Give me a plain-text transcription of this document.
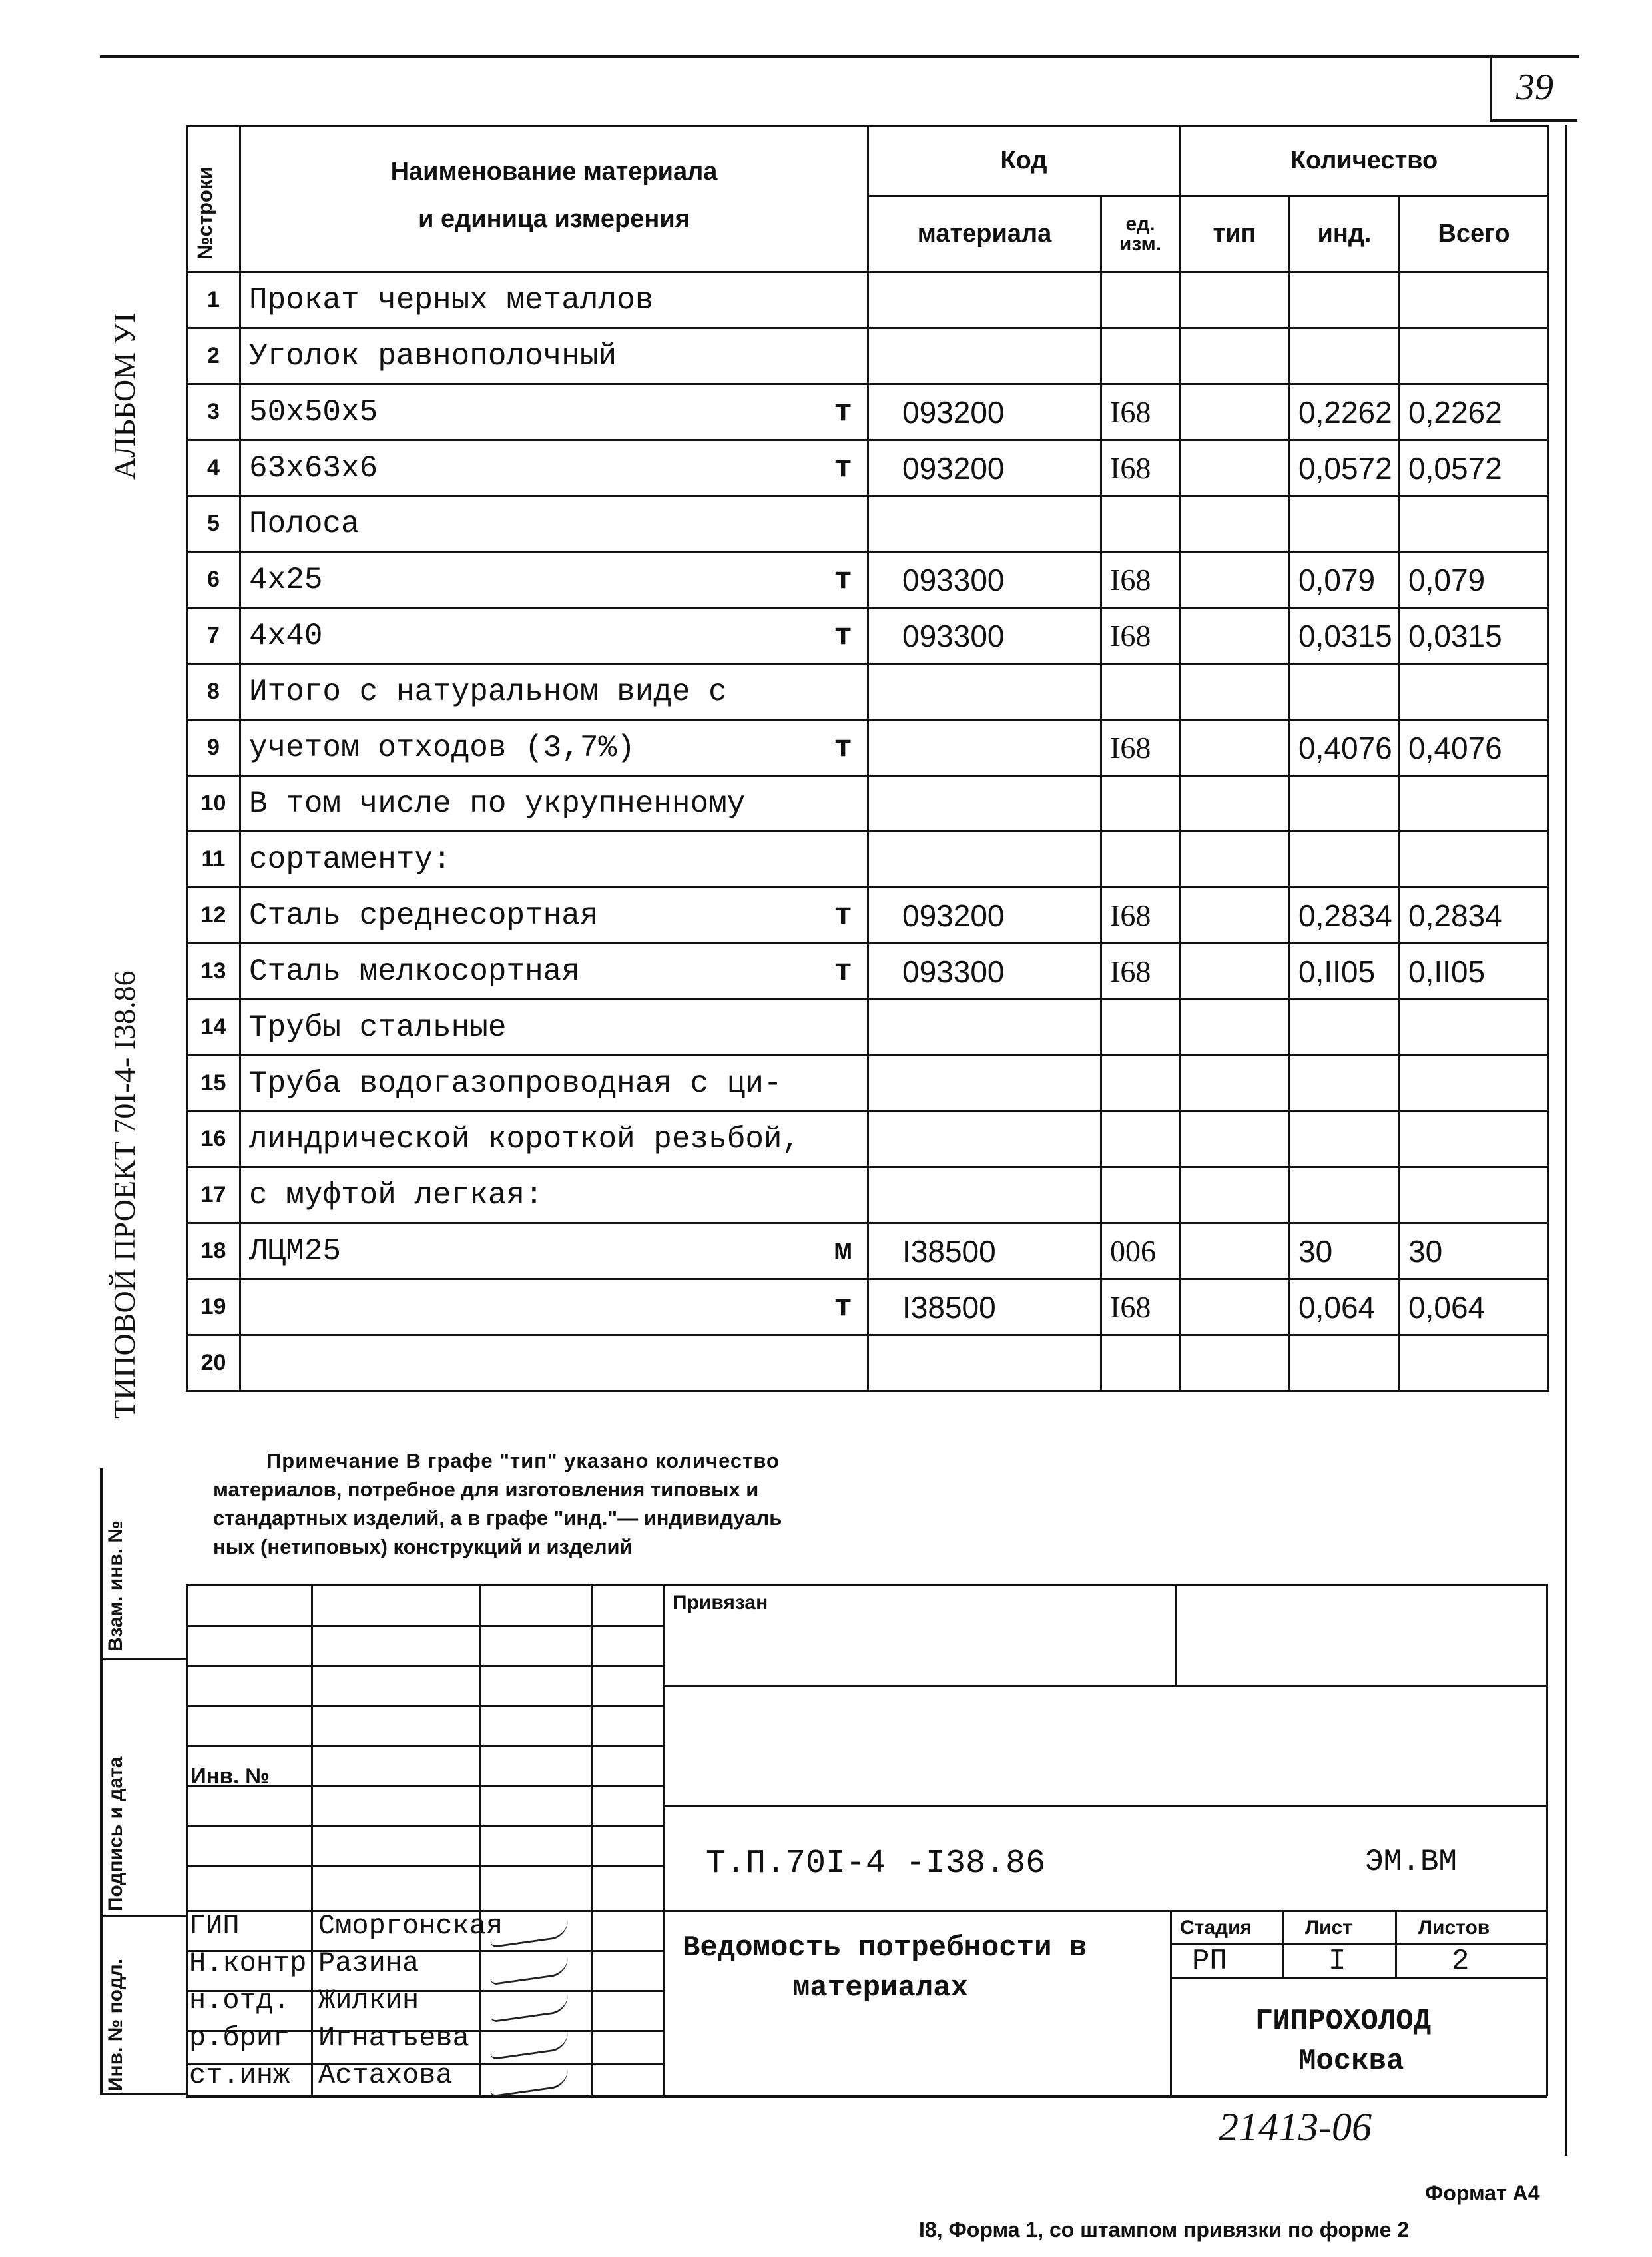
39
АЛЬБОМ УI
ТИПОВОЙ ПРОЕКТ 70I-4- I38.86
Взам. инв. №
Подпись и дата
Инв. № подл.
№строки	Наименование материала
и единица измерения	Код		Количество		
		материала	ед. изм.	тип	инд.	Всего
1	Прокат черных металлов

2	Уголок равнополочный

3	50x50x5 т	093200	I68		0,2262	0,2262
4	63x63x6 т	093200	I68		0,0572	0,0572
5	Полоса

6	4x25 т	093300	I68		0,079	0,079
7	4x40 т	093300	I68		0,0315	0,0315
8	Итого с натуральном виде с

9	учетом отходов (3,7%) т		I68		0,4076	0,4076
10	В том числе по укрупненному

11	сортаменту:

12	Сталь среднесортная т	093200	I68		0,2834	0,2834
13	Сталь мелкосортная т	093300	I68		0,II05	0,II05
14	Трубы стальные

15	Труба водогазопроводная с ци-

16	линдрической короткой резьбой,

17	с муфтой легкая:

18	ЛЦМ25 м	I38500	006		30	30
19	т	I38500	I68		0,064	0,064
20	

Примечание В графе "тип" указано количество
материалов, потребное для изготовления типовых и
стандартных изделий, а в графе "инд."— индивидуаль
ных (нетиповых) конструкций и изделий
ГИП	Сморгонская
Н.контр Разина
н.отд. Жилкин
р.бриг Игнатьева
ст.инж Астахова
Привязан
Инв. №
Т.П.70I-4 -I38.86	ЭМ.ВМ
Ведомость потребности в
материалах
Стадия	Лист	Листов
РП	I	2
ГИПРОХОЛОД
Москва
21413-06
Формат А4
I8, Форма 1, со штампом привязки по форме 2
